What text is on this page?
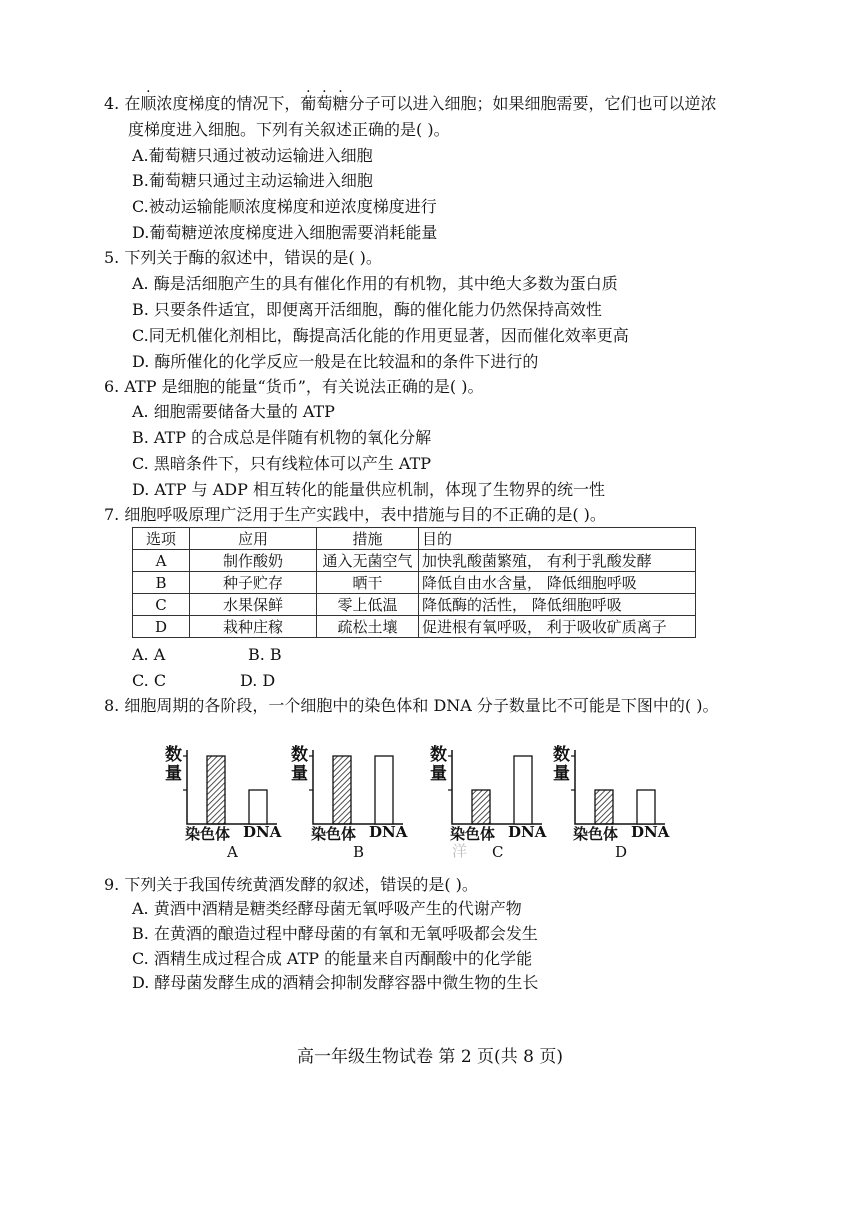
4. 在顺浓度梯度的情况下，葡萄糖分子可以进入细胞；如果细胞需要，它们也可以逆浓
度梯度进入细胞。下列有关叙述正确的是( )。
A.葡萄糖只通过被动运输进入细胞
B.葡萄糖只通过主动运输进入细胞
C.被动运输能顺浓度梯度和逆浓度梯度进行
D.葡萄糖逆浓度梯度进入细胞需要消耗能量
5. 下列关于酶的叙述中，错误的是( )。
A. 酶是活细胞产生的具有催化作用的有机物，其中绝大多数为蛋白质
B. 只要条件适宜，即便离开活细胞，酶的催化能力仍然保持高效性
C.同无机催化剂相比，酶提高活化能的作用更显著，因而催化效率更高
D. 酶所催化的化学反应一般是在比较温和的条件下进行的
6. ATP 是细胞的能量“货币”，有关说法正确的是( )。
A. 细胞需要储备大量的 ATP
B. ATP 的合成总是伴随有机物的氧化分解
C. 黑暗条件下，只有线粒体可以产生 ATP
D. ATP 与 ADP 相互转化的能量供应机制，体现了生物界的统一性
7. 细胞呼吸原理广泛用于生产实践中，表中措施与目的不正确的是( )。
选项	应用	措施	目的
A	制作酸奶	通入无菌空气	加快乳酸菌繁殖， 有利于乳酸发酵
B	种子贮存	晒干	降低自由水含量， 降低细胞呼吸
C	水果保鲜	零上低温	降低酶的活性， 降低细胞呼吸
D	栽种庄稼	疏松土壤	促进根有氧呼吸， 利于吸收矿质离子
A. A	B. B
C. C	D. D
8. 细胞周期的各阶段，一个细胞中的染色体和 DNA 分子数量比不可能是下图中的( )。
数
量
染色体 DNA
A
数
量
染色体 DNA
B
数
量
染色体 DNA
C
洋
数
量
染色体 DNA
D
9. 下列关于我国传统黄酒发酵的叙述，错误的是( )。
A. 黄酒中酒精是糖类经酵母菌无氧呼吸产生的代谢产物
B. 在黄酒的酿造过程中酵母菌的有氧和无氧呼吸都会发生
C. 酒精生成过程合成 ATP 的能量来自丙酮酸中的化学能
D. 酵母菌发酵生成的酒精会抑制发酵容器中微生物的生长
高一年级生物试卷 第 2 页(共 8 页)
